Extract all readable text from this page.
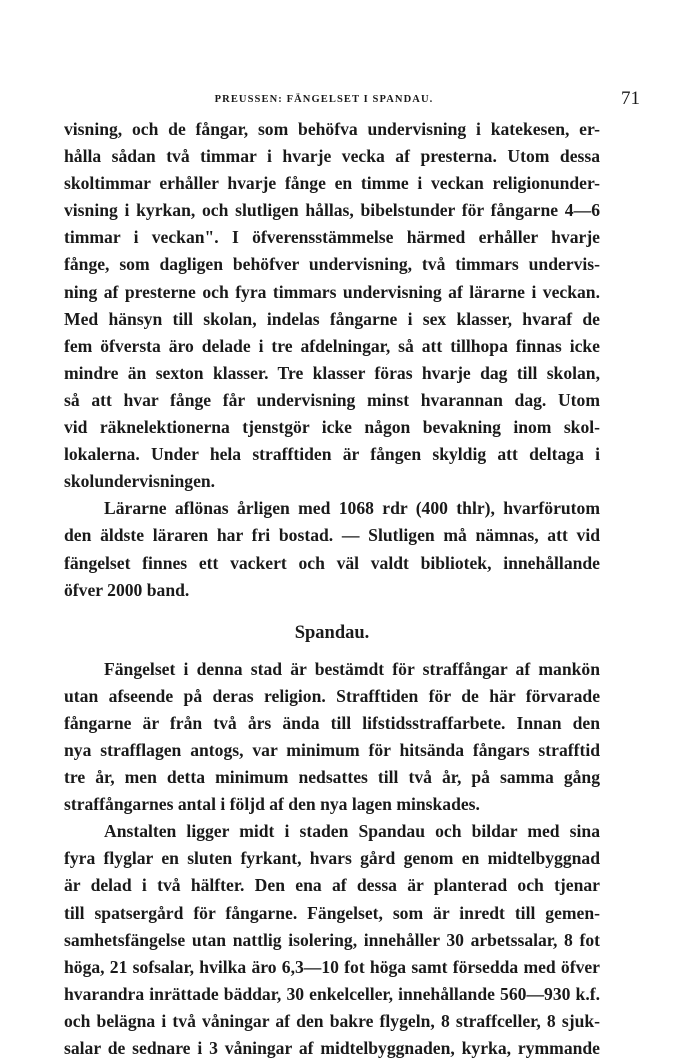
PREUSSEN: FÄNGELSET I SPANDAU.	71
visning, och de fångar, som behöfva undervisning i katekesen, er-
hålla sådan två timmar i hvarje vecka af presterna. Utom dessa
skoltimmar erhåller hvarje fånge en timme i veckan religionunder-
visning i kyrkan, och slutligen hållas, bibelstunder för fångarne 4—6
timmar i veckan". I öfverensstämmelse härmed erhåller hvarje
fånge, som dagligen behöfver undervisning, två timmars undervis-
ning af presterne och fyra timmars undervisning af lärarne i veckan.
Med hänsyn till skolan, indelas fångarne i sex klasser, hvaraf de
fem öfversta äro delade i tre afdelningar, så att tillhopa finnas icke
mindre än sexton klasser. Tre klasser föras hvarje dag till skolan,
så att hvar fånge får undervisning minst hvarannan dag. Utom
vid räknelektionerna tjenstgör icke någon bevakning inom skol-
lokalerna. Under hela strafftiden är fången skyldig att deltaga i
skolundervisningen.
Lärarne aflönas årligen med 1068 rdr (400 thlr), hvarförutom
den äldste läraren har fri bostad. — Slutligen må nämnas, att vid
fängelset finnes ett vackert och väl valdt bibliotek, innehållande
öfver 2000 band.
Spandau.
Fängelset i denna stad är bestämdt för straffångar af mankön
utan afseende på deras religion. Strafftiden för de här förvarade
fångarne är från två års ända till lifstidsstraffarbete. Innan den
nya strafflagen antogs, var minimum för hitsända fångars strafftid
tre år, men detta minimum nedsattes till två år, på samma gång
straffångarnes antal i följd af den nya lagen minskades.
Anstalten ligger midt i staden Spandau och bildar med sina
fyra flyglar en sluten fyrkant, hvars gård genom en midtelbyggnad
är delad i två hälfter. Den ena af dessa är planterad och tjenar
till spatsergård för fångarne. Fängelset, som är inredt till gemen-
samhetsfängelse utan nattlig isolering, innehåller 30 arbetssalar, 8 fot
höga, 21 sofsalar, hvilka äro 6,3—10 fot höga samt försedda med öfver
hvarandra inrättade bäddar, 30 enkelceller, innehållande 560—930 k.f.
och belägna i två våningar af den bakre flygeln, 8 straffceller, 8 sjuk-
salar de sednare i 3 våningar af midtelbyggnaden, kyrka, rymmande
